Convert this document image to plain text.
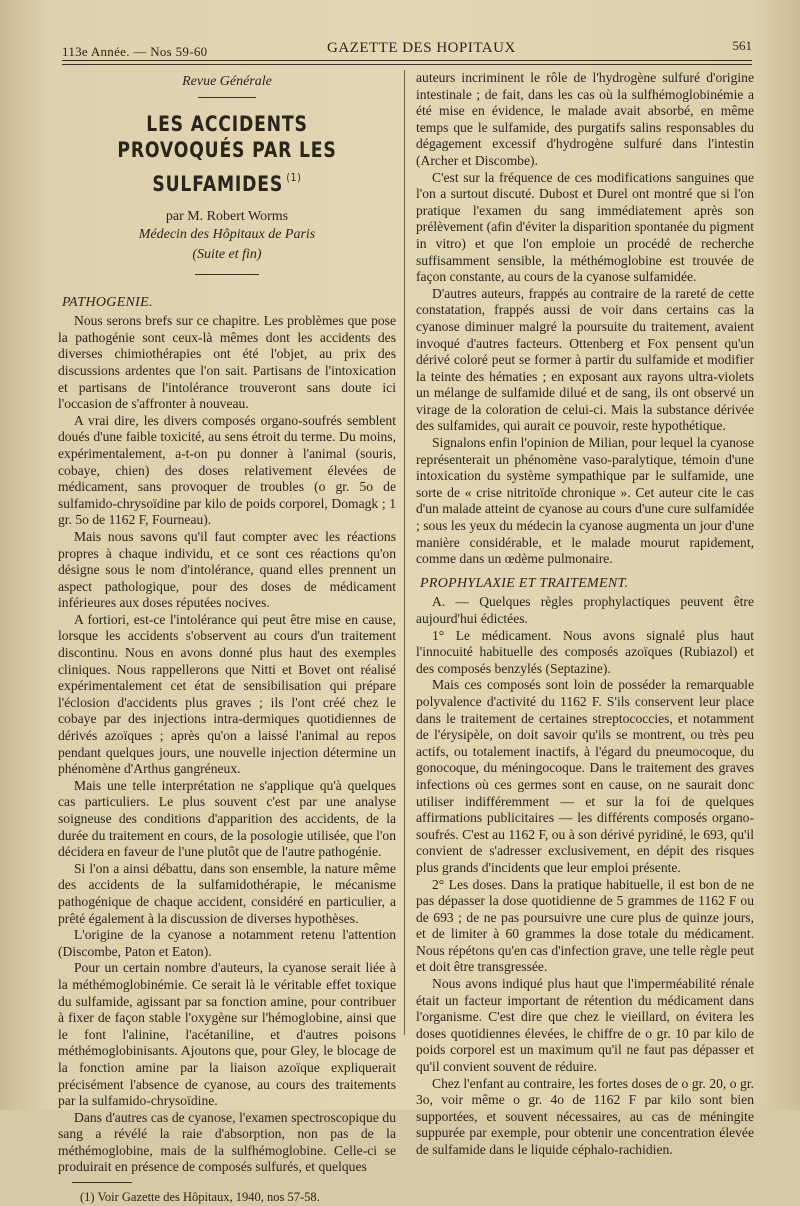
113e Année. — Nos 59-60	GAZETTE DES HOPITAUX	561
Revue Générale
LES ACCIDENTS
PROVOQUÉS PAR LES SULFAMIDES $^{(1)}$
par M. Robert Worms
Médecin des Hôpitaux de Paris
(Suite et fin)
PATHOGENIE.

Nous serons brefs sur ce chapitre. Les problèmes que pose la pathogénie sont ceux-là mêmes dont les accidents des diverses chimiothérapies ont été l'objet, au prix des discussions ardentes que l'on sait. Partisans de l'intoxication et partisans de l'intolérance trouveront sans doute ici l'occasion de s'affronter à nouveau.

A vrai dire, les divers composés organo-soufrés semblent doués d'une faible toxicité, au sens étroit du terme. Du moins, expérimentalement, a-t-on pu donner à l'animal (souris, cobaye, chien) des doses relativement élevées de médicament, sans provoquer de troubles (o gr. 5o de sulfamido-chrysoïdine par kilo de poids corporel, Domagk ; 1 gr. 5o de 1162 F, Fourneau).

Mais nous savons qu'il faut compter avec les réactions propres à chaque individu, et ce sont ces réactions qu'on désigne sous le nom d'intolérance, quand elles prennent un aspect pathologique, pour des doses de médicament inférieures aux doses réputées nocives.

A fortiori, est-ce l'intolérance qui peut être mise en cause, lorsque les accidents s'observent au cours d'un traitement discontinu. Nous en avons donné plus haut des exemples cliniques. Nous rappellerons que Nitti et Bovet ont réalisé expérimentalement cet état de sensibilisation qui prépare l'éclosion d'accidents plus graves ; ils l'ont créé chez le cobaye par des injections intra-dermiques quotidiennes de dérivés azoïques ; après qu'on a laissé l'animal au repos pendant quelques jours, une nouvelle injection détermine un phénomène d'Arthus gangréneux.

Mais une telle interprétation ne s'applique qu'à quelques cas particuliers. Le plus souvent c'est par une analyse soigneuse des conditions d'apparition des accidents, de la durée du traitement en cours, de la posologie utilisée, que l'on décidera en faveur de l'une plutôt que de l'autre pathogénie.

Si l'on a ainsi débattu, dans son ensemble, la nature même des accidents de la sulfamidothérapie, le mécanisme pathogénique de chaque accident, considéré en particulier, a prêté également à la discussion de diverses hypothèses.

L'origine de la cyanose a notamment retenu l'attention (Discombe, Paton et Eaton).

Pour un certain nombre d'auteurs, la cyanose serait liée à la méthémoglobinémie. Ce serait là le véritable effet toxique du sulfamide, agissant par sa fonction amine, pour contribuer à fixer de façon stable l'oxygène sur l'hémoglobine, ainsi que le font l'alinine, l'acétaniline, et d'autres poisons méthémoglobinisants. Ajoutons que, pour Gley, le blocage de la fonction amine par la liaison azoïque expliquerait précisément l'absence de cyanose, au cours des traitements par la sulfamido-chrysoïdine.

Dans d'autres cas de cyanose, l'examen spectroscopique du sang a révélé la raie d'absorption, non pas de la méthémoglobine, mais de la sulfhémoglobine. Celle-ci se produirait en présence de composés sulfurés, et quelques

(1) Voir Gazette des Hôpitaux, 1940, nos 57-58.

auteurs incriminent le rôle de l'hydrogène sulfuré d'origine intestinale ; de fait, dans les cas où la sulfhémoglobinémie a été mise en évidence, le malade avait absorbé, en même temps que le sulfamide, des purgatifs salins responsables du dégagement excessif d'hydrogène sulfuré dans l'intestin (Archer et Discombe).

C'est sur la fréquence de ces modifications sanguines que l'on a surtout discuté. Dubost et Durel ont montré que si l'on pratique l'examen du sang immédiatement après son prélèvement (afin d'éviter la disparition spontanée du pigment in vitro) et que l'on emploie un procédé de recherche suffisamment sensible, la méthémoglobine est trouvée de façon constante, au cours de la cyanose sulfamidée.

D'autres auteurs, frappés au contraire de la rareté de cette constatation, frappés aussi de voir dans certains cas la cyanose diminuer malgré la poursuite du traitement, avaient invoqué d'autres facteurs. Ottenberg et Fox pensent qu'un dérivé coloré peut se former à partir du sulfamide et modifier la teinte des hématies ; en exposant aux rayons ultra-violets un mélange de sulfamide dilué et de sang, ils ont observé un virage de la coloration de celui-ci. Mais la substance dérivée des sulfamides, qui aurait ce pouvoir, reste hypothétique.

Signalons enfin l'opinion de Milian, pour lequel la cyanose représenterait un phénomène vaso-paralytique, témoin d'une intoxication du système sympathique par le sulfamide, une sorte de « crise nitritoïde chronique ». Cet auteur cite le cas d'un malade atteint de cyanose au cours d'une cure sulfamidée ; sous les yeux du médecin la cyanose augmenta un jour d'une manière considérable, et le malade mourut rapidement, comme dans un œdème pulmonaire.

PROPHYLAXIE ET TRAITEMENT.

A. — Quelques règles prophylactiques peuvent être aujourd'hui édictées.

1° Le médicament. Nous avons signalé plus haut l'innocuité habituelle des composés azoïques (Rubiazol) et des composés benzylés (Septazine).

Mais ces composés sont loin de posséder la remarquable polyvalence d'activité du 1162 F. S'ils conservent leur place dans le traitement de certaines streptococcies, et notamment de l'érysipèle, on doit savoir qu'ils se montrent, ou très peu actifs, ou totalement inactifs, à l'égard du pneumocoque, du gonocoque, du méningocoque. Dans le traitement des graves infections où ces germes sont en cause, on ne saurait donc utiliser indifféremment — et sur la foi de quelques affirmations publicitaires — les différents composés organo-soufrés. C'est au 1162 F, ou à son dérivé pyridiné, le 693, qu'il convient de s'adresser exclusivement, en dépit des risques plus grands d'incidents que leur emploi présente.

2° Les doses. Dans la pratique habituelle, il est bon de ne pas dépasser la dose quotidienne de 5 grammes de 1162 F ou de 693 ; de ne pas poursuivre une cure plus de quinze jours, et de limiter à 60 grammes la dose totale du médicament. Nous répétons qu'en cas d'infection grave, une telle règle peut et doit être transgressée.

Nous avons indiqué plus haut que l'imperméabilité rénale était un facteur important de rétention du médicament dans l'organisme. C'est dire que chez le vieillard, on évitera les doses quotidiennes élevées, le chiffre de o gr. 10 par kilo de poids corporel est un maximum qu'il ne faut pas dépasser et qu'il convient souvent de réduire.

Chez l'enfant au contraire, les fortes doses de o gr. 20, o gr. 3o, voir même o gr. 4o de 1162 F par kilo sont bien supportées, et souvent nécessaires, au cas de méningite suppurée par exemple, pour obtenir une concentration élevée de sulfamide dans le liquide céphalo-rachidien.
